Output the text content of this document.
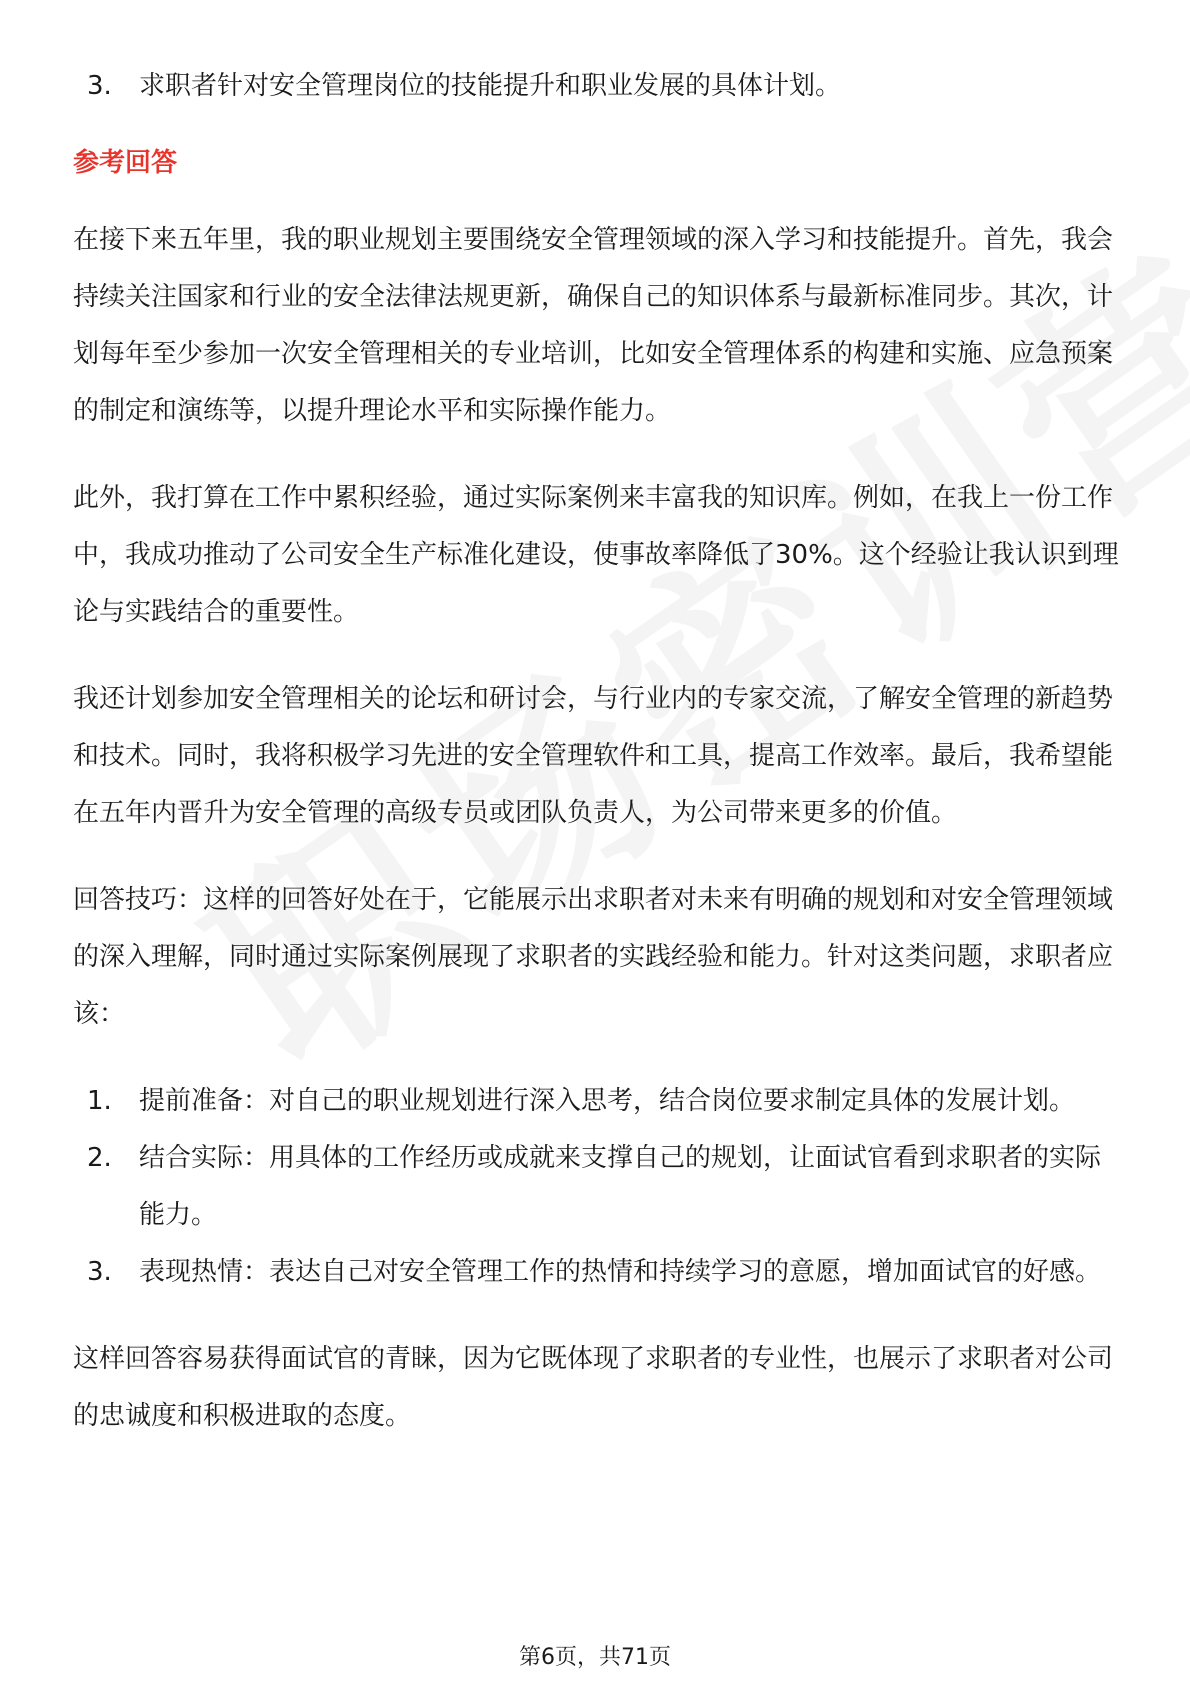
3.	求职者针对安全管理岗位的技能提升和职业发展的具体计划。
参考回答

在接下来五年里，我的职业规划主要围绕安全管理领域的深入学习和技能提升。首先，我会持续关注国家和行业的安全法律法规更新，确保自己的知识体系与最新标准同步。其次，计划每年至少参加一次安全管理相关的专业培训，比如安全管理体系的构建和实施、应急预案的制定和演练等，以提升理论水平和实际操作能力。

此外，我打算在工作中累积经验，通过实际案例来丰富我的知识库。例如，在我上一份工作中，我成功推动了公司安全生产标准化建设，使事故率降低了30%。这个经验让我认识到理论与实践结合的重要性。

我还计划参加安全管理相关的论坛和研讨会，与行业内的专家交流，了解安全管理的新趋势和技术。同时，我将积极学习先进的安全管理软件和工具，提高工作效率。最后，我希望能在五年内晋升为安全管理的高级专员或团队负责人，为公司带来更多的价值。

回答技巧：这样的回答好处在于，它能展示出求职者对未来有明确的规划和对安全管理领域的深入理解，同时通过实际案例展现了求职者的实践经验和能力。针对这类问题，求职者应该：

1.	提前准备：对自己的职业规划进行深入思考，结合岗位要求制定具体的发展计划。
2.	结合实际：用具体的工作经历或成就来支撑自己的规划，让面试官看到求职者的实际能力。
3.	表现热情：表达自己对安全管理工作的热情和持续学习的意愿，增加面试官的好感。

这样回答容易获得面试官的青睐，因为它既体现了求职者的专业性，也展示了求职者对公司的忠诚度和积极进取的态度。

第6页，共71页
